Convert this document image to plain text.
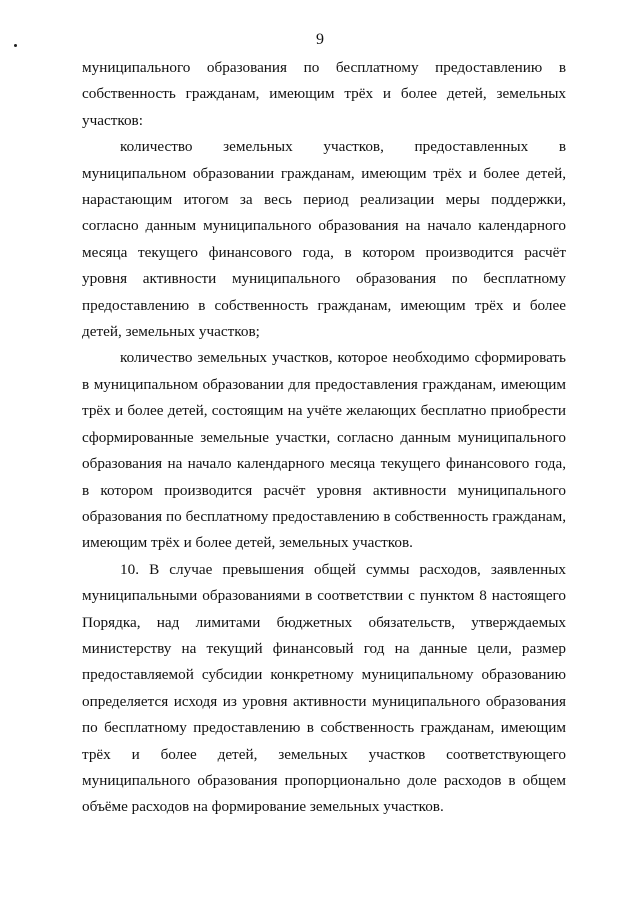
9

муниципального образования по бесплатному предоставлению в собственность гражданам, имеющим трёх и более детей, земельных участков:

количество земельных участков, предоставленных в муниципальном образовании гражданам, имеющим трёх и более детей, нарастающим итогом за весь период реализации меры поддержки, согласно данным муниципального образования на начало календарного месяца текущего финансового года, в котором производится расчёт уровня активности муниципального образования по бесплатному предоставлению в собственность гражданам, имеющим трёх и более детей, земельных участков;

количество земельных участков, которое необходимо сформировать в муниципальном образовании для предоставления гражданам, имеющим трёх и более детей, состоящим на учёте желающих бесплатно приобрести сформированные земельные участки, согласно данным муниципального образования на начало календарного месяца текущего финансового года, в котором производится расчёт уровня активности муниципального образования по бесплатному предоставлению в собственность гражданам, имеющим трёх и более детей, земельных участков.

10. В случае превышения общей суммы расходов, заявленных муниципальными образованиями в соответствии с пунктом 8 настоящего Порядка, над лимитами бюджетных обязательств, утверждаемых министерству на текущий финансовый год на данные цели, размер предоставляемой субсидии конкретному муниципальному образованию определяется исходя из уровня активности муниципального образования по бесплатному предоставлению в собственность гражданам, имеющим трёх и более детей, земельных участков соответствующего муниципального образования пропорционально доле расходов в общем объёме расходов на формирование земельных участков.
